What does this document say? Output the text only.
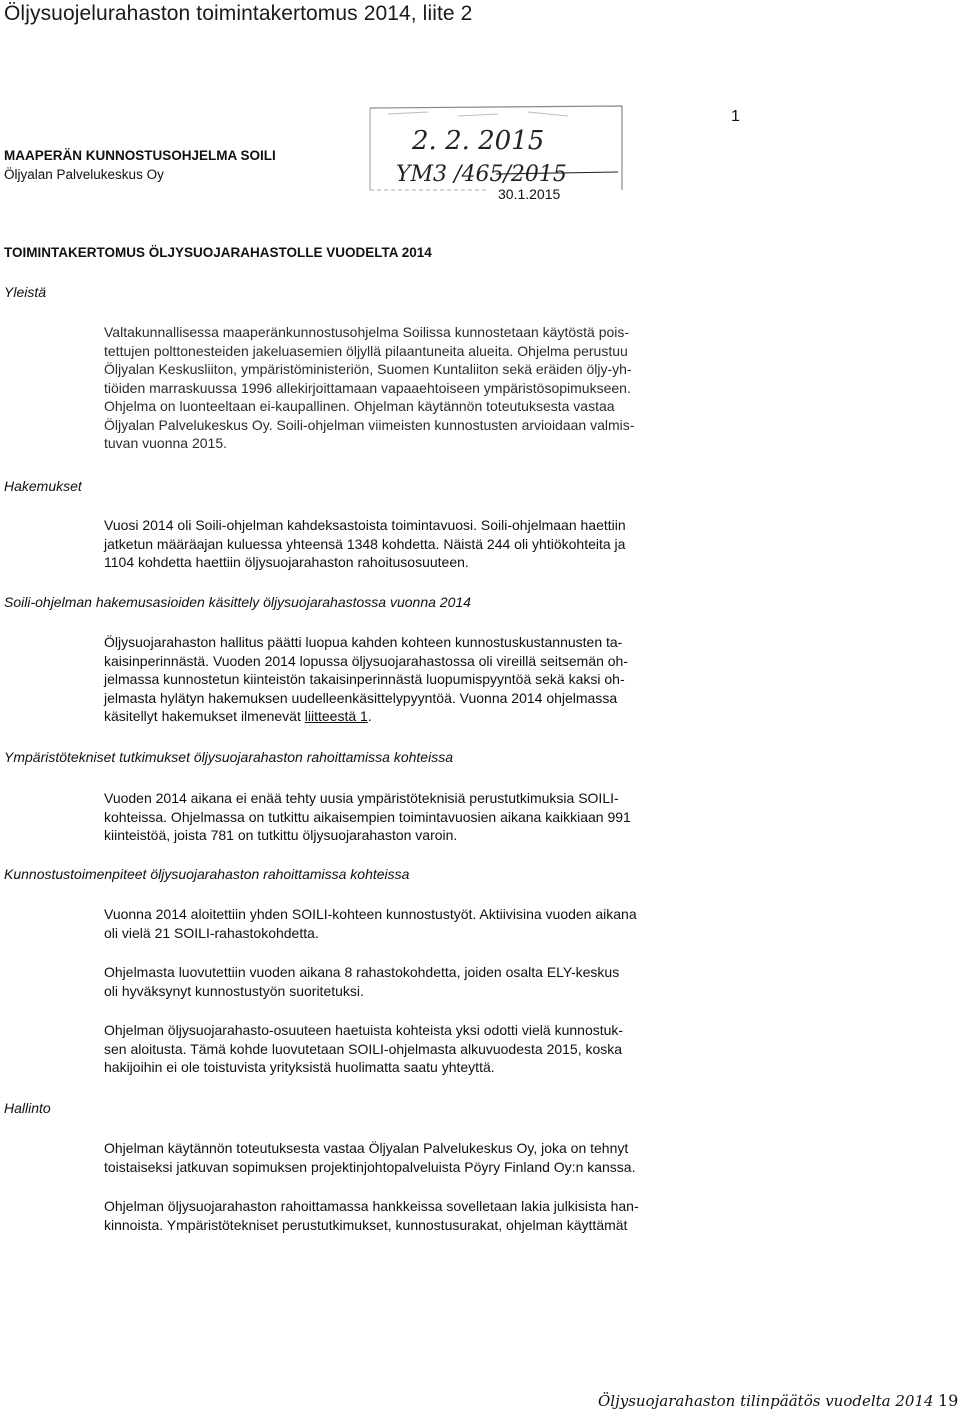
Öljysuojelurahaston toimintakertomus 2014, liite 2
1
MAAPERÄN KUNNOSTUSOHJELMA SOILI
Öljyalan Palvelukeskus Oy
2. 2. 2015
YM3 /465/2015
30.1.2015
TOIMINTAKERTOMUS ÖLJYSUOJARAHASTOLLE VUODELTA 2014
Yleistä
Valtakunnallisessa maaperänkunnostusohjelma Soilissa kunnostetaan käytöstä pois-
tettujen polttonesteiden jakeluasemien öljyllä pilaantuneita alueita. Ohjelma perustuu
Öljyalan Keskusliiton, ympäristöministeriön, Suomen Kuntaliiton sekä eräiden öljy-yh-
tiöiden marraskuussa 1996 allekirjoittamaan vapaaehtoiseen ympäristösopimukseen.
Ohjelma on luonteeltaan ei-kaupallinen. Ohjelman käytännön toteutuksesta vastaa
Öljyalan Palvelukeskus Oy. Soili-ohjelman viimeisten kunnostusten arvioidaan valmis-
tuvan vuonna 2015.
Hakemukset
Vuosi 2014 oli Soili-ohjelman kahdeksastoista toimintavuosi. Soili-ohjelmaan haettiin
jatketun määräajan kuluessa yhteensä 1348 kohdetta. Näistä 244 oli yhtiökohteita ja
1104 kohdetta haettiin öljysuojarahaston rahoitusosuuteen.
Soili-ohjelman hakemusasioiden käsittely öljysuojarahastossa vuonna 2014
Öljysuojarahaston hallitus päätti luopua kahden kohteen kunnostuskustannusten ta-
kaisinperinnästä. Vuoden 2014 lopussa öljysuojarahastossa oli vireillä seitsemän oh-
jelmassa kunnostetun kiinteistön takaisinperinnästä luopumispyyntöä sekä kaksi oh-
jelmasta hylätyn hakemuksen uudelleenkäsittelypyyntöä. Vuonna 2014 ohjelmassa
käsitellyt hakemukset ilmenevät liitteestä 1.
Ympäristötekniset tutkimukset öljysuojarahaston rahoittamissa kohteissa
Vuoden 2014 aikana ei enää tehty uusia ympäristöteknisiä perustutkimuksia SOILI-
kohteissa. Ohjelmassa on tutkittu aikaisempien toimintavuosien aikana kaikkiaan 991
kiinteistöä, joista 781 on tutkittu öljysuojarahaston varoin.
Kunnostustoimenpiteet öljysuojarahaston rahoittamissa kohteissa
Vuonna 2014 aloitettiin yhden SOILI-kohteen kunnostustyöt. Aktiivisina vuoden aikana
oli vielä 21 SOILI-rahastokohdetta.
Ohjelmasta luovutettiin vuoden aikana 8 rahastokohdetta, joiden osalta ELY-keskus
oli hyväksynyt kunnostustyön suoritetuksi.
Ohjelman öljysuojarahasto-osuuteen haetuista kohteista yksi odotti vielä kunnostuk-
sen aloitusta. Tämä kohde luovutetaan SOILI-ohjelmasta alkuvuodesta 2015, koska
hakijoihin ei ole toistuvista yrityksistä huolimatta saatu yhteyttä.
Hallinto
Ohjelman käytännön toteutuksesta vastaa Öljyalan Palvelukeskus Oy, joka on tehnyt
toistaiseksi jatkuvan sopimuksen projektinjohtopalveluista Pöyry Finland Oy:n kanssa.
Ohjelman öljysuojarahaston rahoittamassa hankkeissa sovelletaan lakia julkisista han-
kinnoista. Ympäristötekniset perustutkimukset, kunnostusurakat, ohjelman käyttämät
Öljysuojarahaston tilinpäätös vuodelta 2014 19
